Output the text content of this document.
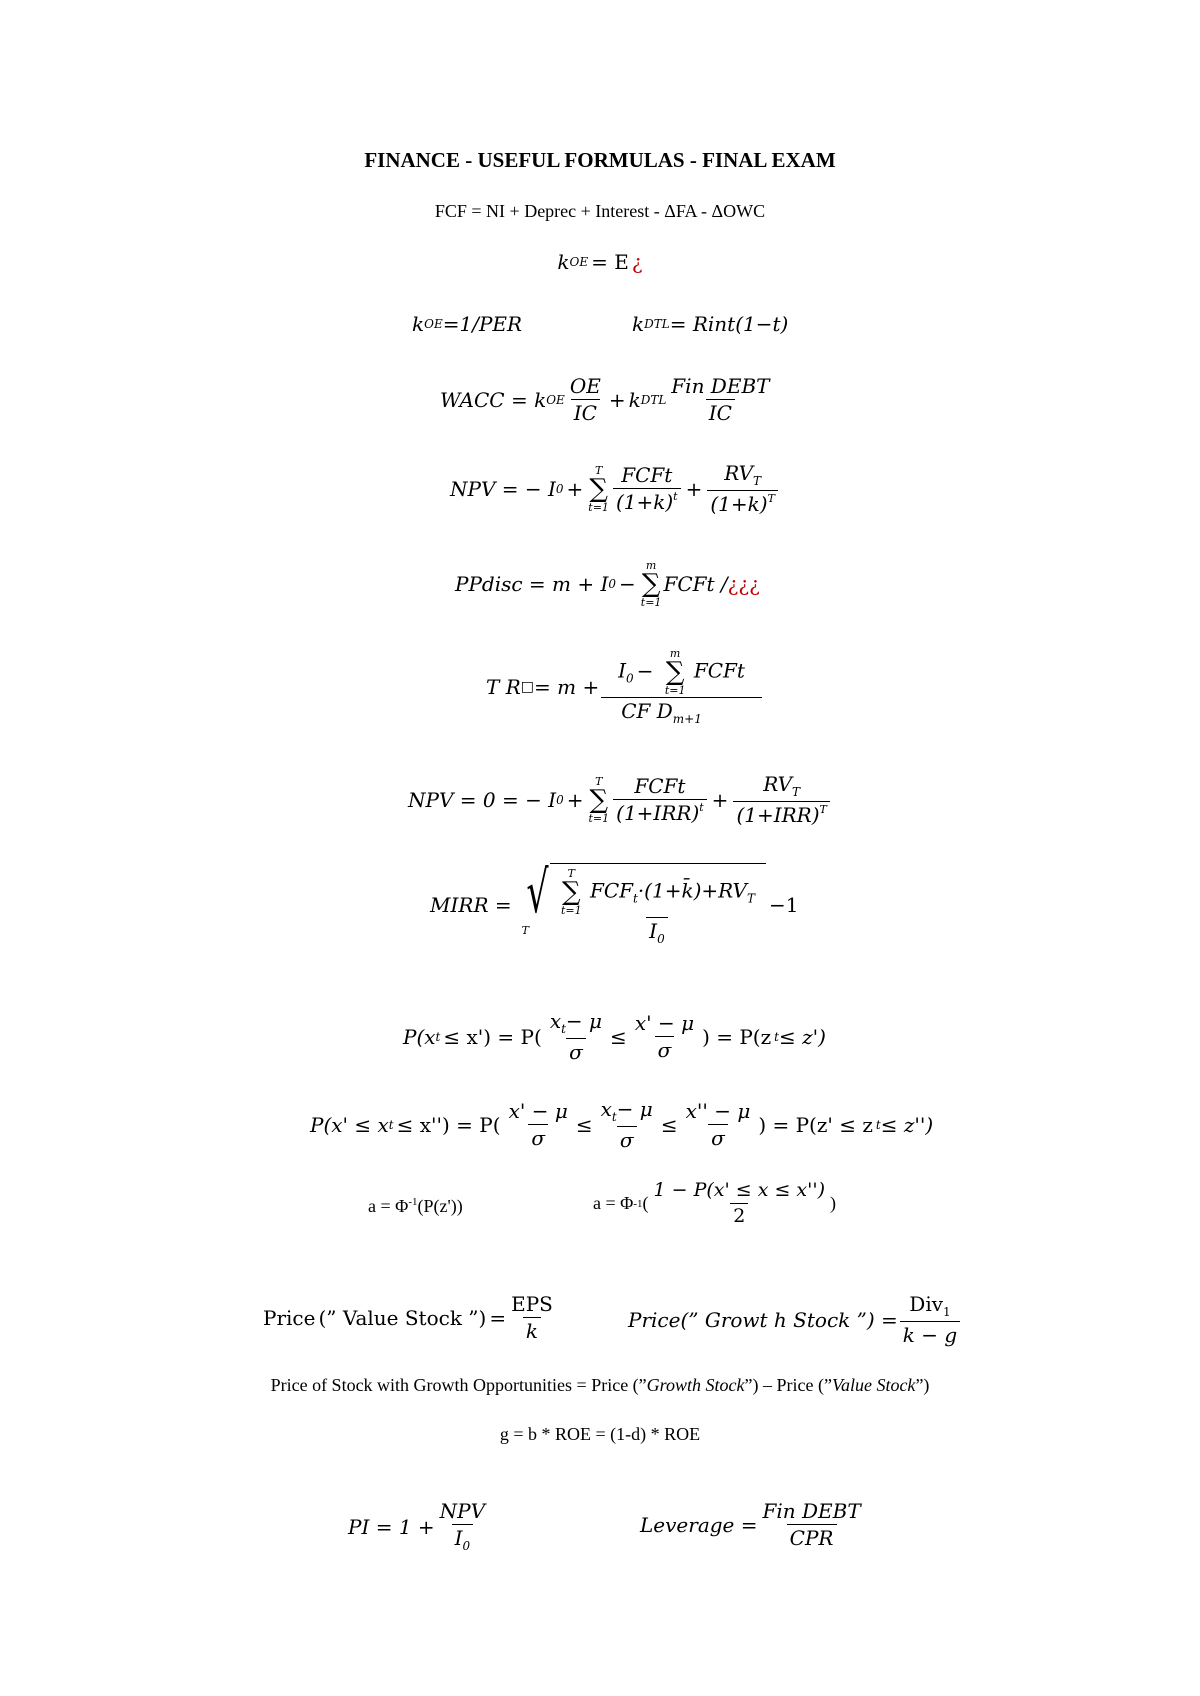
FINANCE - USEFUL FORMULAS - FINAL EXAM
FCF = NI + Deprec + Interest - ΔFA - ΔOWC
k OE = E ¿
k OE =1/PER	k DTL = Rint(1−t)
WACC = k OE $\frac{OE}{IC} + k$ DTL $\frac{\text{Fin DEBT}}{IC}$
NPV = − I 0 +
T
∑
$t=1 \frac{\text{FCFt}}{(1+k)^t} + \frac{RV_T}{(1+k)^T}$
PPdisc = m + I 0 −
m
∑
t=1
FCFt / ¿¿¿
T R □ = $m + I_0$ −
m
∑
t=1
FCFt
CF $D_{m+1}$
NPV = 0 = − I 0 +
T
∑
$t=1 \frac{\text{FCFt}}{(1+IRR)^t} + \frac{RV_T}{(1+IRR)^T}$
MIRR =
T
√ T
∑
t=1
$FCF_t\cdot(1+k̄)+RV_T$
$I_0 -1$
P(x $t \le x') = P( \frac{x_t- \mu}{\sigma} \le \frac{x' - \mu}{\sigma}$ ) = P(z t ≤ z')
P(x' ≤ x $t \le x'') = P( \frac{x' - \mu}{\sigma} \le \frac{x_t- \mu}{\sigma} \le \frac{x'' - \mu}{\sigma}$ ) = P(z' ≤ z t ≤ z'')
$a = \Phi^{-1}(P(z'))$	a = Φ -1 ( $\frac{1 - P(x' \le x \le x'')}{2}$ )
Price (” Value Stock ”) = $\frac{\text{EPS}}{k}$	Price(” Growt h Stock ”) = $\frac{Div_1}{k - g}$
Price of Stock with Growth Opportunities = Price (”Growth Stock”) – Price (”Value Stock”)
g = b * ROE = (1-d) * ROE
PI = $1 + \frac{\text{NPV}}{I_0}$	Leverage = $\frac{\text{Fin DEBT}}{\text{CPR}}$
